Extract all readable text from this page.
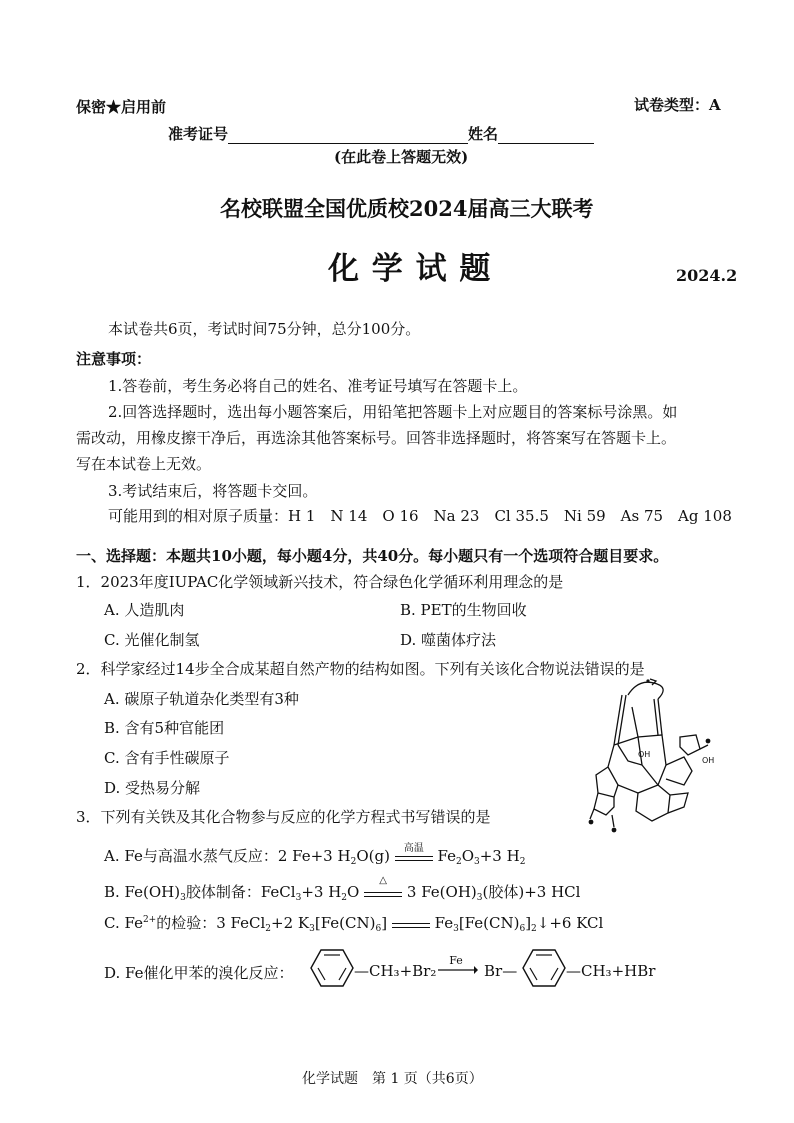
保密★启用前	试卷类型：A
准考证号	姓名
(在此卷上答题无效)
名校联盟全国优质校2024届高三大联考
化 学 试 题	2024.2
本试卷共6页，考试时间75分钟，总分100分。
注意事项：
1.答卷前，考生务必将自己的姓名、准考证号填写在答题卡上。
2.回答选择题时，选出每小题答案后，用铅笔把答题卡上对应题目的答案标号涂黑。如
需改动，用橡皮擦干净后，再选涂其他答案标号。回答非选择题时，将答案写在答题卡上。
写在本试卷上无效。
3.考试结束后，将答题卡交回。
可能用到的相对原子质量：H 1　N 14　O 16　Na 23　Cl 35.5　Ni 59　As 75　Ag 108
一、选择题：本题共10小题，每小题4分，共40分。每小题只有一个选项符合题目要求。
1．2023年度IUPAC化学领域新兴技术，符合绿色化学循环利用理念的是
A. 人造肌肉	B. PET的生物回收
C. 光催化制氢	D. 噬菌体疗法
2．科学家经过14步全合成某超自然产物的结构如图。下列有关该化合物说法错误的是
A. 碳原子轨道杂化类型有3种
B. 含有5种官能团
C. 含有手性碳原子
D. 受热易分解
OH
OH
3．下列有关铁及其化合物参与反应的化学方程式书写错误的是
A. Fe与高温水蒸气反应：2 Fe+3 $H_2O(g)$	高温 $Fe_2O_3+3$ $H_2$
B. $Fe(OH)_3$胶体制备：FeCl$_3$+3 $H_2O$
△
3 $Fe(OH)_3$(胶体)+3 HCl
C. $Fe^{2+}$的检验：3 FeCl$_2$+2 $K_3[Fe(CN)_6]$	$Fe_3[Fe(CN)_6]_2↓+6$ KCl
D. Fe催化甲苯的溴化反应：	—CH₃+Br₂
Fe
→ Br—	—CH₃+HBr
化学试题　第 1 页（共6页）
